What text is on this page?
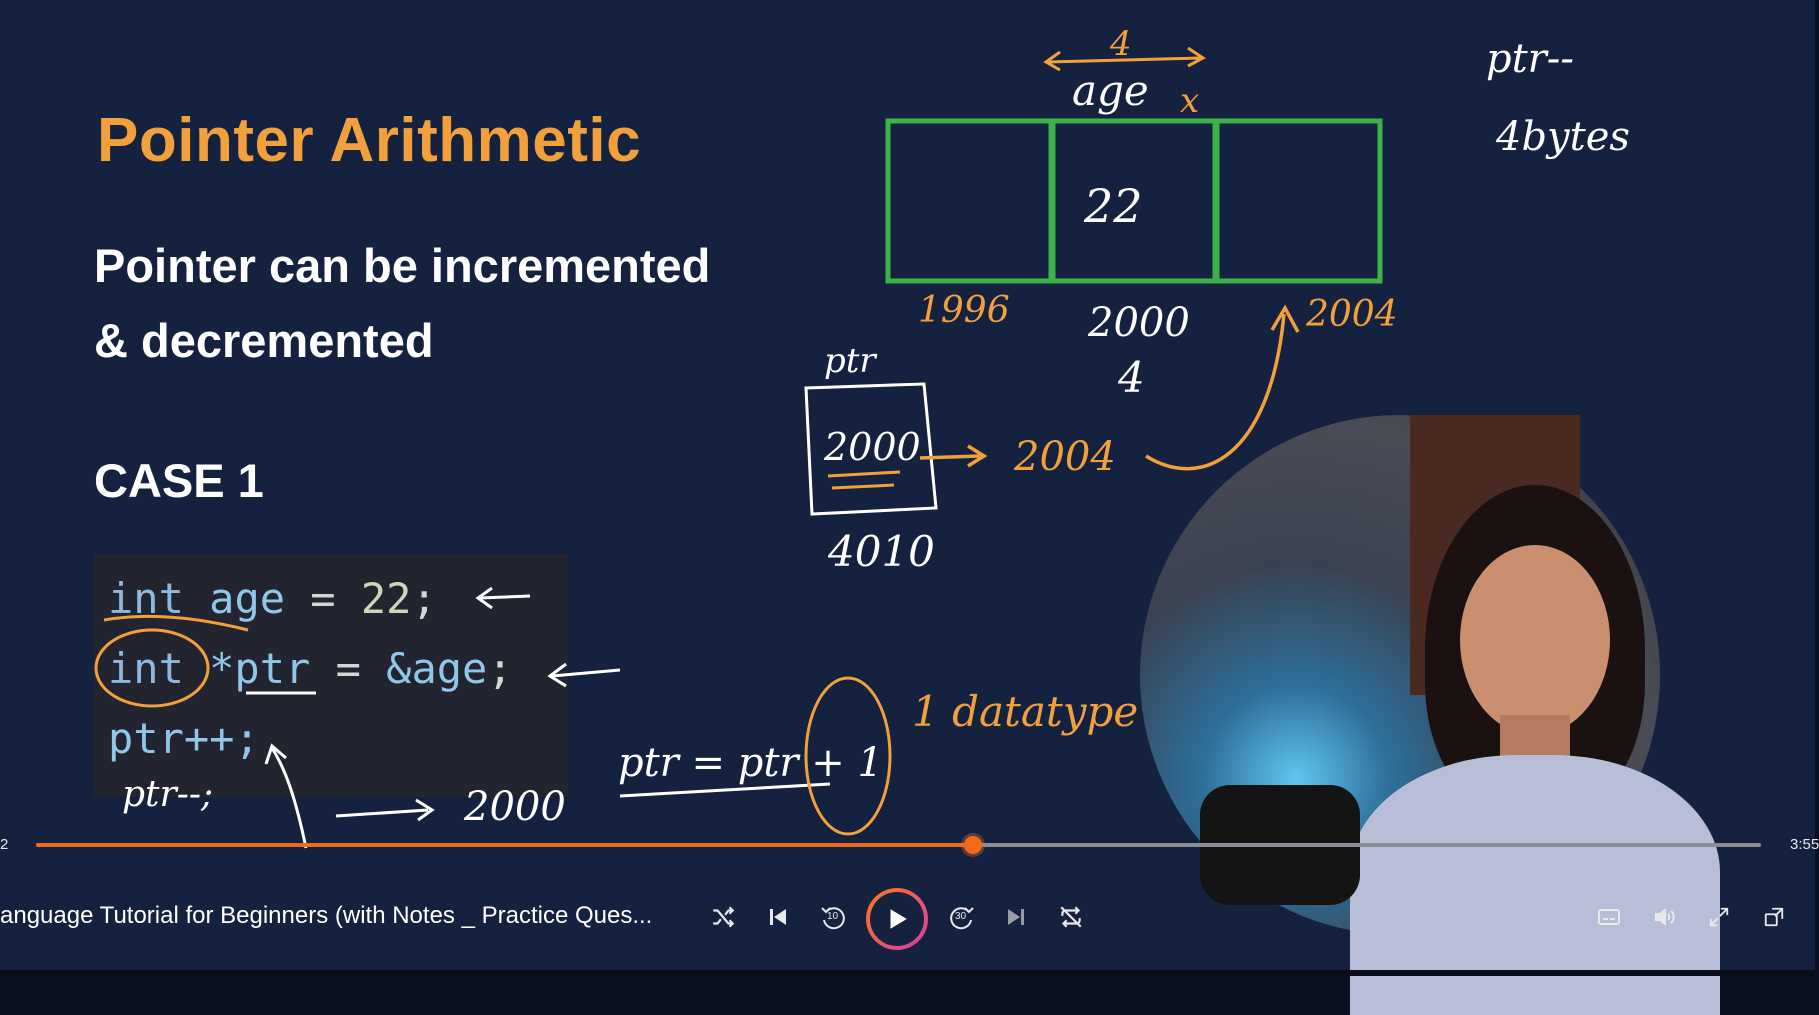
Pointer Arithmetic

Pointer can be incremented

& decremented

CASE 1

int age = 22;
int *ptr = &age;
ptr++;
4
age x
22
1996 2000	2004
4
ptr
2000
4010
2004
ptr--
4bytes
ptr--;	2000
ptr = ptr + 1
1 datatype
2	3:55
anguage Tutorial for Beginners (with Notes _ Practice Ques...	10	30
